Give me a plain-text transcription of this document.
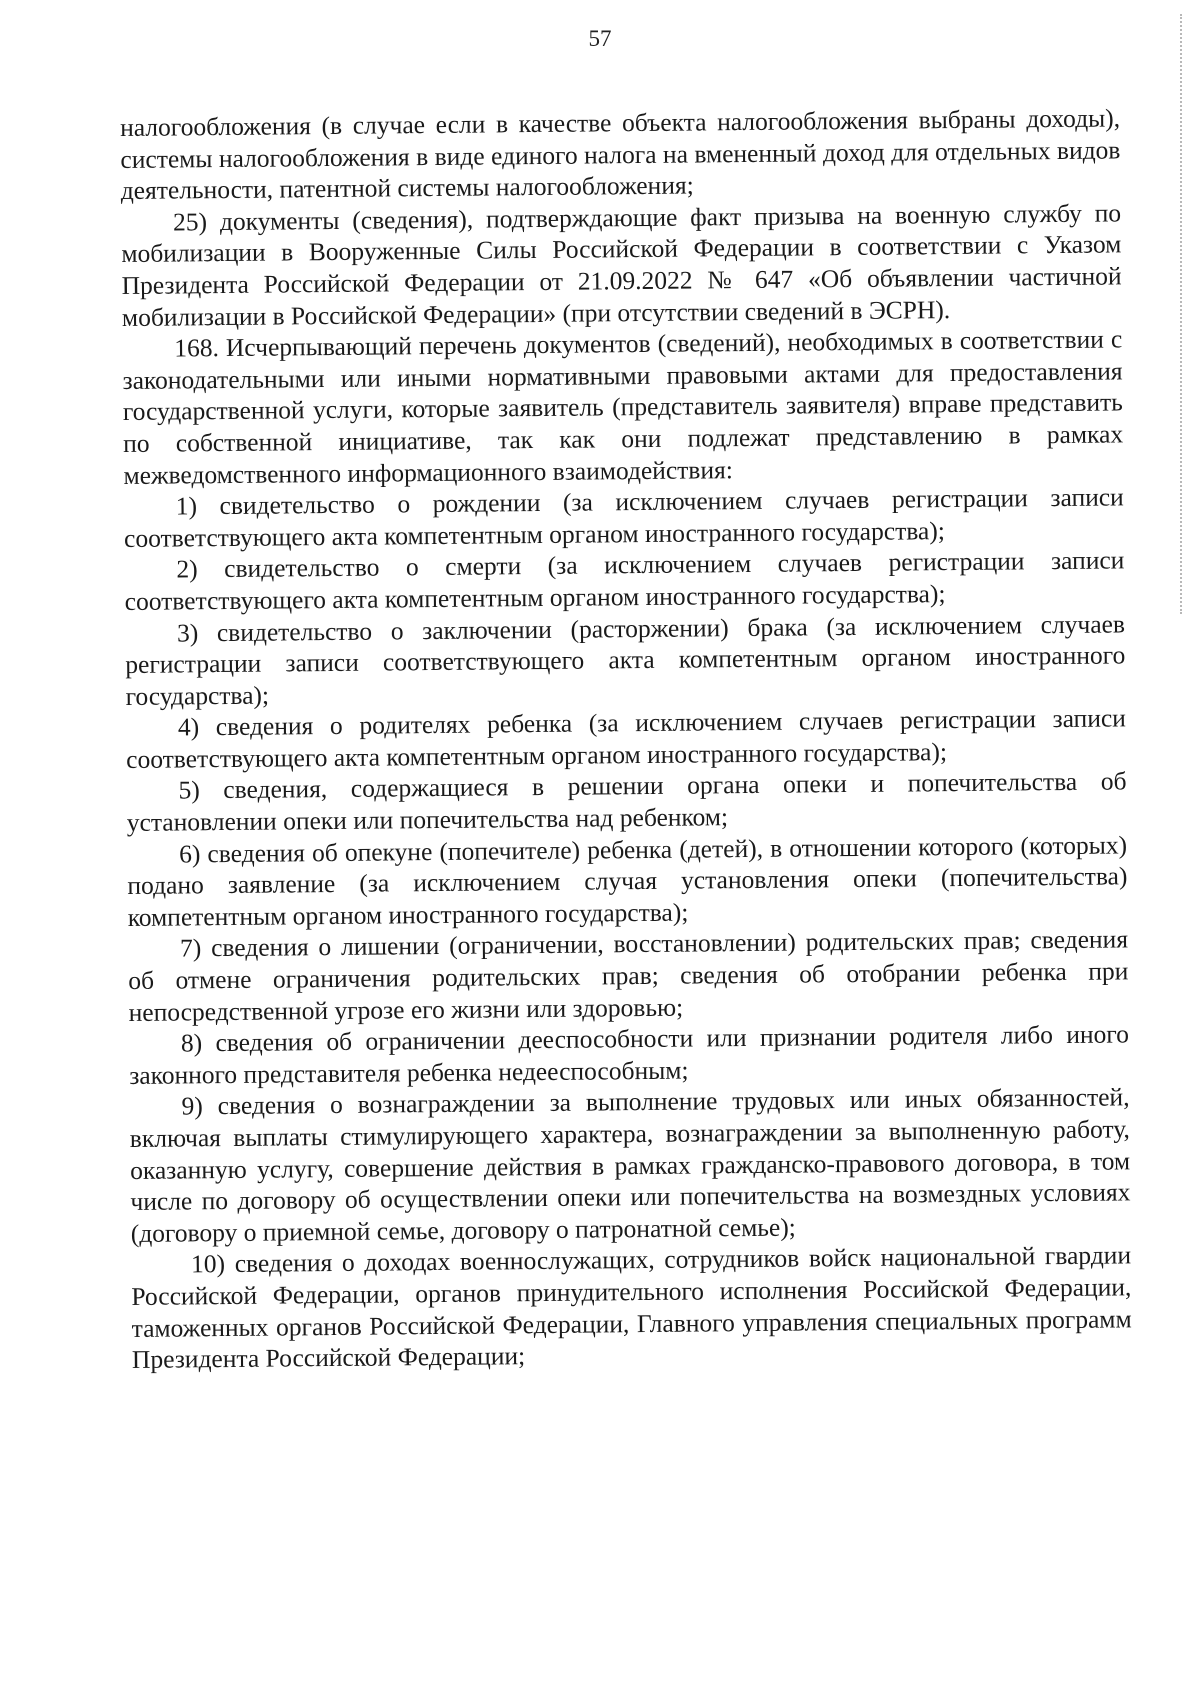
57

налогообложения (в случае если в качестве объекта налогообложения выбраны доходы), системы налогообложения в виде единого налога на вмененный доход для отдельных видов деятельности, патентной системы налогообложения;

25) документы (сведения), подтверждающие факт призыва на военную службу по мобилизации в Вооруженные Силы Российской Федерации в соответствии с Указом Президента Российской Федерации от 21.09.2022 № 647 «Об объявлении частичной мобилизации в Российской Федерации» (при отсутствии сведений в ЭСРН).

168. Исчерпывающий перечень документов (сведений), необходимых в соответствии с законодательными или иными нормативными правовыми актами для предоставления государственной услуги, которые заявитель (представитель заявителя) вправе представить по собственной инициативе, так как они подлежат представлению в рамках межведомственного информационного взаимодействия:

1) свидетельство о рождении (за исключением случаев регистрации записи соответствующего акта компетентным органом иностранного государства);

2) свидетельство о смерти (за исключением случаев регистрации записи соответствующего акта компетентным органом иностранного государства);

3) свидетельство о заключении (расторжении) брака (за исключением случаев регистрации записи соответствующего акта компетентным органом иностранного государства);

4) сведения о родителях ребенка (за исключением случаев регистрации записи соответствующего акта компетентным органом иностранного государства);

5) сведения, содержащиеся в решении органа опеки и попечительства об установлении опеки или попечительства над ребенком;

6) сведения об опекуне (попечителе) ребенка (детей), в отношении которого (которых) подано заявление (за исключением случая установления опеки (попечительства) компетентным органом иностранного государства);

7) сведения о лишении (ограничении, восстановлении) родительских прав; сведения об отмене ограничения родительских прав; сведения об отобрании ребенка при непосредственной угрозе его жизни или здоровью;

8) сведения об ограничении дееспособности или признании родителя либо иного законного представителя ребенка недееспособным;

9) сведения о вознаграждении за выполнение трудовых или иных обязанностей, включая выплаты стимулирующего характера, вознаграждении за выполненную работу, оказанную услугу, совершение действия в рамках гражданско-правового договора, в том числе по договору об осуществлении опеки или попечительства на возмездных условиях (договору о приемной семье, договору о патронатной семье);

10) сведения о доходах военнослужащих, сотрудников войск национальной гвардии Российской Федерации, органов принудительного исполнения Российской Федерации, таможенных органов Российской Федерации, Главного управления специальных программ Президента Российской Федерации;
